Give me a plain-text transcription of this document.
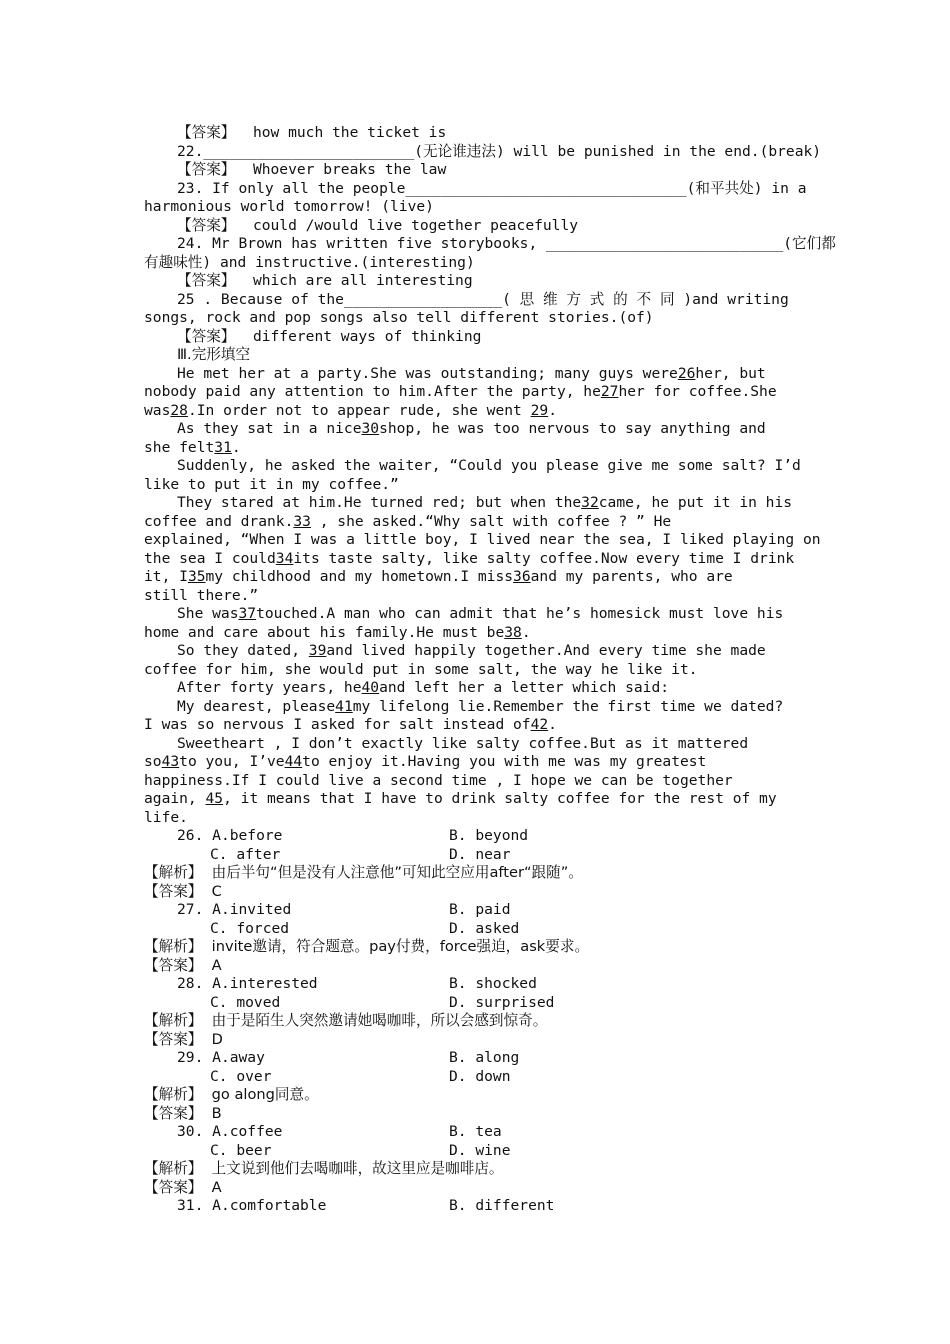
【答案】  how much the ticket is
22.________________________(无论谁违法) will be punished in the end.(break)
【答案】  Whoever breaks the law
23. If only all the people________________________________(和平共处) in a
harmonious world tomorrow! (live)
【答案】  could /would live together peacefully
24. Mr Brown has written five storybooks, ___________________________(它们都
有趣味性) and instructive.(interesting)
【答案】  which are all interesting
25 . Because of the__________________( 思 维 方 式 的 不 同 )and writing
songs, rock and pop songs also tell different stories.(of)
【答案】  different ways of thinking
Ⅲ.完形填空
He met her at a party.She was outstanding; many guys were26her, but
nobody paid any attention to him.After the party, he27her for coffee.She
was28.In order not to appear rude, she went 29.
As they sat in a nice30shop, he was too nervous to say anything and
she felt31.
Suddenly, he asked the waiter, “Could you please give me some salt? I’d
like to put it in my coffee.”
They stared at him.He turned red; but when the32came, he put it in his
coffee and drank.33 , she asked.“Why salt with coffee ? ” He
explained, “When I was a little boy, I lived near the sea, I liked playing on
the sea I could34its taste salty, like salty coffee.Now every time I drink
it, I35my childhood and my hometown.I miss36and my parents, who are
still there.”
She was37touched.A man who can admit that he’s homesick must love his
home and care about his family.He must be38.
So they dated, 39and lived happily together.And every time she made
coffee for him, she would put in some salt, the way he like it.
After forty years, he40and left her a letter which said:
My dearest, please41my lifelong lie.Remember the first time we dated?
I was so nervous I asked for salt instead of42.
Sweetheart , I don’t exactly like salty coffee.But as it mattered
so43to you, I’ve44to enjoy it.Having you with me was my greatest
happiness.If I could live a second time , I hope we can be together
again, 45, it means that I have to drink salty coffee for the rest of my
life.
26. A.before	B. beyond
C. after	D. near
【解析】  由后半句“但是没有人注意他”可知此空应用after“跟随”。
【答案】  C
27. A.invited	B. paid
C. forced	D. asked
【解析】  invite邀请，符合题意。pay付费，force强迫，ask要求。
【答案】  A
28. A.interested	B. shocked
C. moved	D. surprised
【解析】  由于是陌生人突然邀请她喝咖啡，所以会感到惊奇。
【答案】  D
29. A.away	B. along
C. over	D. down
【解析】  go along同意。
【答案】  B
30. A.coffee	B. tea
C. beer	D. wine
【解析】  上文说到他们去喝咖啡，故这里应是咖啡店。
【答案】  A
31. A.comfortable	B. different
